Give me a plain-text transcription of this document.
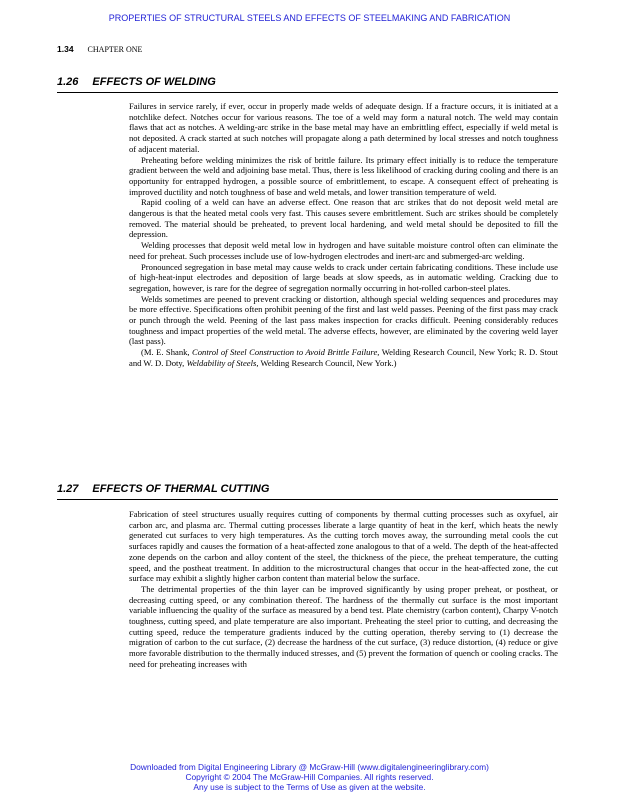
PROPERTIES OF STRUCTURAL STEELS AND EFFECTS OF STEELMAKING AND FABRICATION
1.34 CHAPTER ONE
1.26 EFFECTS OF WELDING

Failures in service rarely, if ever, occur in properly made welds of adequate design. If a fracture occurs, it is initiated at a notchlike defect. Notches occur for various reasons. The toe of a weld may form a natural notch. The weld may contain flaws that act as notches. A welding-arc strike in the base metal may have an embrittling effect, especially if weld metal is not deposited. A crack started at such notches will propagate along a path determined by local stresses and notch toughness of adjacent material.

Preheating before welding minimizes the risk of brittle failure. Its primary effect initially is to reduce the temperature gradient between the weld and adjoining base metal. Thus, there is less likelihood of cracking during cooling and there is an opportunity for entrapped hydrogen, a possible source of embrittlement, to escape. A consequent effect of preheating is improved ductility and notch toughness of base and weld metals, and lower transition temperature of weld.

Rapid cooling of a weld can have an adverse effect. One reason that arc strikes that do not deposit weld metal are dangerous is that the heated metal cools very fast. This causes severe embrittlement. Such arc strikes should be completely removed. The material should be preheated, to prevent local hardening, and weld metal should be deposited to fill the depression.

Welding processes that deposit weld metal low in hydrogen and have suitable moisture control often can eliminate the need for preheat. Such processes include use of low-hydrogen electrodes and inert-arc and submerged-arc welding.

Pronounced segregation in base metal may cause welds to crack under certain fabricating conditions. These include use of high-heat-input electrodes and deposition of large beads at slow speeds, as in automatic welding. Cracking due to segregation, however, is rare for the degree of segregation normally occurring in hot-rolled carbon-steel plates.

Welds sometimes are peened to prevent cracking or distortion, although special welding sequences and procedures may be more effective. Specifications often prohibit peening of the first and last weld passes. Peening of the first pass may crack or punch through the weld. Peening of the last pass makes inspection for cracks difficult. Peening considerably reduces toughness and impact properties of the weld metal. The adverse effects, however, are eliminated by the covering weld layer (last pass).

(M. E. Shank, Control of Steel Construction to Avoid Brittle Failure, Welding Research Council, New York; R. D. Stout and W. D. Doty, Weldability of Steels, Welding Research Council, New York.)

1.27 EFFECTS OF THERMAL CUTTING

Fabrication of steel structures usually requires cutting of components by thermal cutting processes such as oxyfuel, air carbon arc, and plasma arc. Thermal cutting processes liberate a large quantity of heat in the kerf, which heats the newly generated cut surfaces to very high temperatures. As the cutting torch moves away, the surrounding metal cools the cut surfaces rapidly and causes the formation of a heat-affected zone analogous to that of a weld. The depth of the heat-affected zone depends on the carbon and alloy content of the steel, the thickness of the piece, the preheat temperature, the cutting speed, and the postheat treatment. In addition to the microstructural changes that occur in the heat-affected zone, the cut surface may exhibit a slightly higher carbon content than material below the surface.

The detrimental properties of the thin layer can be improved significantly by using proper preheat, or postheat, or decreasing cutting speed, or any combination thereof. The hardness of the thermally cut surface is the most important variable influencing the quality of the surface as measured by a bend test. Plate chemistry (carbon content), Charpy V-notch toughness, cutting speed, and plate temperature are also important. Preheating the steel prior to cutting, and decreasing the cutting speed, reduce the temperature gradients induced by the cutting operation, thereby serving to (1) decrease the migration of carbon to the cut surface, (2) decrease the hardness of the cut surface, (3) reduce distortion, (4) reduce or give more favorable distribution to the thermally induced stresses, and (5) prevent the formation of quench or cooling cracks. The need for preheating increases with

Downloaded from Digital Engineering Library @ McGraw-Hill (www.digitalengineeringlibrary.com)
Copyright © 2004 The McGraw-Hill Companies. All rights reserved.
Any use is subject to the Terms of Use as given at the website.
